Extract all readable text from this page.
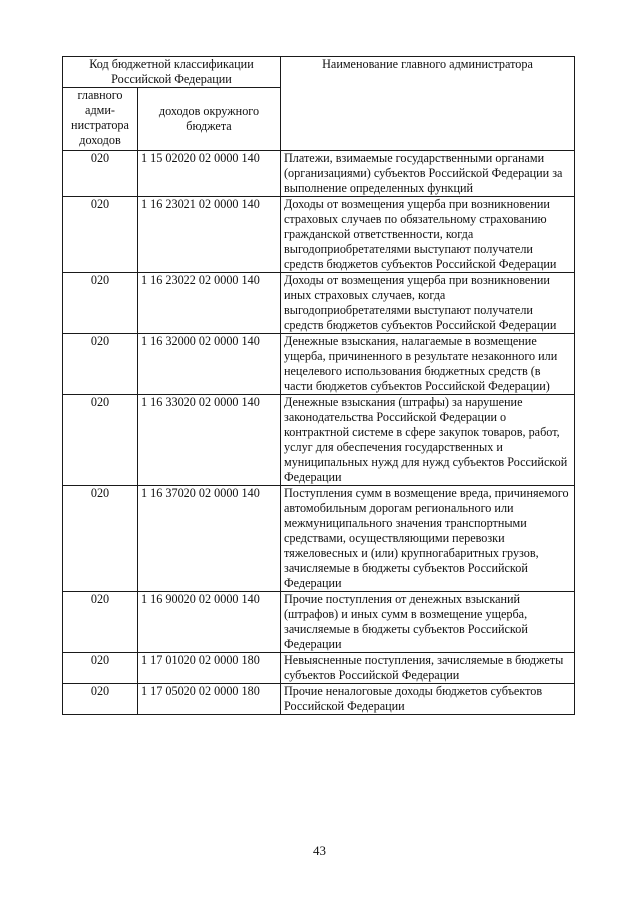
Код бюджетной классификации Российской Федерации		Наименование главного администратора
главного адми-нистратора доходов	доходов окружного бюджета	
020	1 15 02020 02 0000 140	Платежи, взимаемые государственными органами (организациями) субъектов Российской Федерации за выполнение определенных функций
020	1 16 23021 02 0000 140	Доходы от возмещения ущерба при возникновении страховых случаев по обязательному страхованию гражданской ответственности, когда выгодоприобретателями выступают получатели средств бюджетов субъектов Российской Федерации
020	1 16 23022 02 0000 140	Доходы от возмещения ущерба при возникновении иных страховых случаев, когда выгодоприобретателями выступают получатели средств бюджетов субъектов Российской Федерации
020	1 16 32000 02 0000 140	Денежные взыскания, налагаемые в возмещение ущерба, причиненного в результате незаконного или нецелевого использования бюджетных средств (в части бюджетов субъектов Российской Федерации)
020	1 16 33020 02 0000 140	Денежные взыскания (штрафы) за нарушение законодательства Российской Федерации о контрактной системе в сфере закупок товаров, работ, услуг для обеспечения государственных и муниципальных нужд для нужд субъектов Российской Федерации
020	1 16 37020 02 0000 140	Поступления сумм в возмещение вреда, причиняемого автомобильным дорогам регионального или межмуниципального значения транспортными средствами, осуществляющими перевозки тяжеловесных и (или) крупногабаритных грузов, зачисляемые в бюджеты субъектов Российской Федерации
020	1 16 90020 02 0000 140	Прочие поступления от денежных взысканий (штрафов) и иных сумм в возмещение ущерба, зачисляемые в бюджеты субъектов Российской Федерации
020	1 17 01020 02 0000 180	Невыясненные поступления, зачисляемые в бюджеты субъектов Российской Федерации
020	1 17 05020 02 0000 180	Прочие неналоговые доходы бюджетов субъектов Российской Федерации
43
